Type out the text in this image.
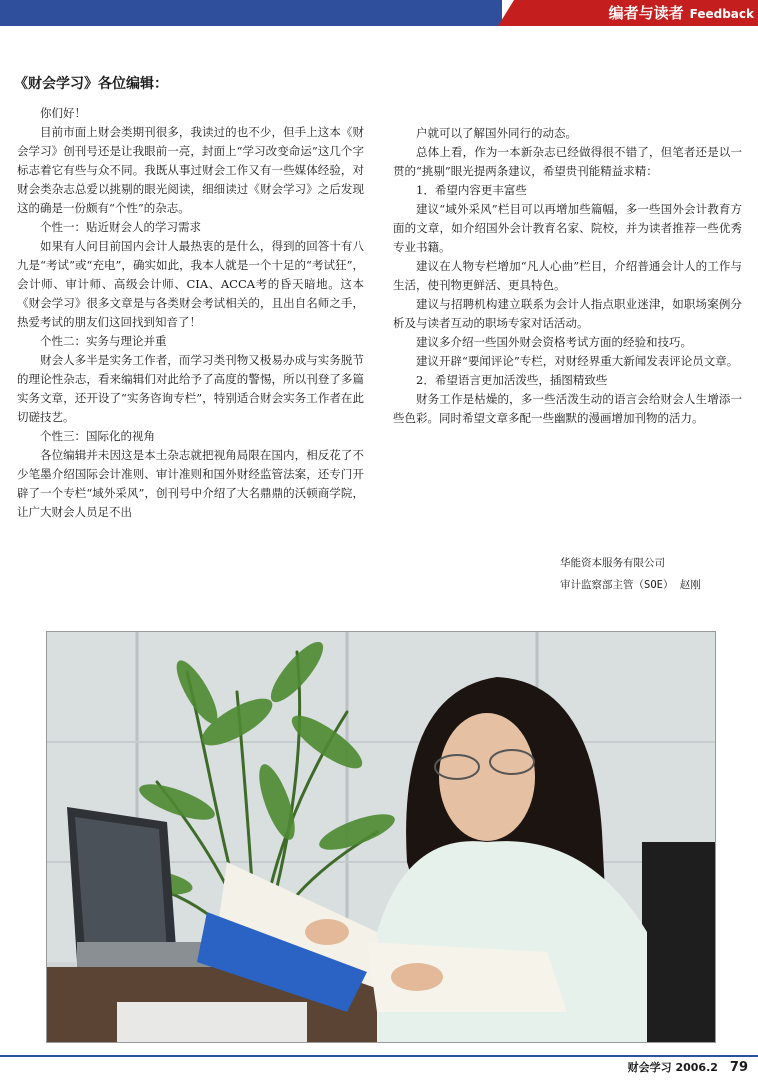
编者与读者 Feedback
《财会学习》各位编辑：

你们好！

目前市面上财会类期刊很多，我读过的也不少，但手上这本《财会学习》创刊号还是让我眼前一亮，封面上“学习改变命运”这几个字标志着它有些与众不同。我既从事过财会工作又有一些媒体经验，对财会类杂志总爱以挑剔的眼光阅读，细细读过《财会学习》之后发现这的确是一份颇有“个性”的杂志。

个性一：贴近财会人的学习需求

如果有人问目前国内会计人最热衷的是什么，得到的回答十有八九是“考试”或“充电”，确实如此，我本人就是一个十足的“考试狂”，会计师、审计师、高级会计师、CIA、ACCA考的昏天暗地。这本《财会学习》很多文章是与各类财会考试相关的，且出自名师之手，热爱考试的朋友们这回找到知音了！

个性二：实务与理论并重

财会人多半是实务工作者，而学习类刊物又极易办成与实务脱节的理论性杂志，看来编辑们对此给予了高度的警惕，所以刊登了多篇实务文章，还开设了“实务咨询专栏”，特别适合财会实务工作者在此切磋技艺。

个性三：国际化的视角

各位编辑并未因这是本土杂志就把视角局限在国内，相反花了不少笔墨介绍国际会计准则、审计准则和国外财经监管法案，还专门开辟了一个专栏“域外采风”，创刊号中介绍了大名鼎鼎的沃顿商学院，让广大财会人员足不出

户就可以了解国外同行的动态。

总体上看，作为一本新杂志已经做得很不错了，但笔者还是以一贯的“挑剔”眼光提两条建议，希望贵刊能精益求精：

1．希望内容更丰富些

建议“域外采风”栏目可以再增加些篇幅，多一些国外会计教育方面的文章，如介绍国外会计教育名家、院校，并为读者推荐一些优秀专业书籍。

建议在人物专栏增加“凡人心曲”栏目，介绍普通会计人的工作与生活，使刊物更鲜活、更具特色。

建议与招聘机构建立联系为会计人指点职业迷津，如职场案例分析及与读者互动的职场专家对话活动。

建议多介绍一些国外财会资格考试方面的经验和技巧。

建议开辟“要闻评论”专栏，对财经界重大新闻发表评论员文章。

2．希望语言更加活泼些，插图精致些

财务工作是枯燥的，多一些活泼生动的语言会给财会人生增添一些色彩。同时希望文章多配一些幽默的漫画增加刊物的活力。

华能资本服务有限公司
审计监察部主管（SOE） 赵刚
财会学习 2006.2 79
